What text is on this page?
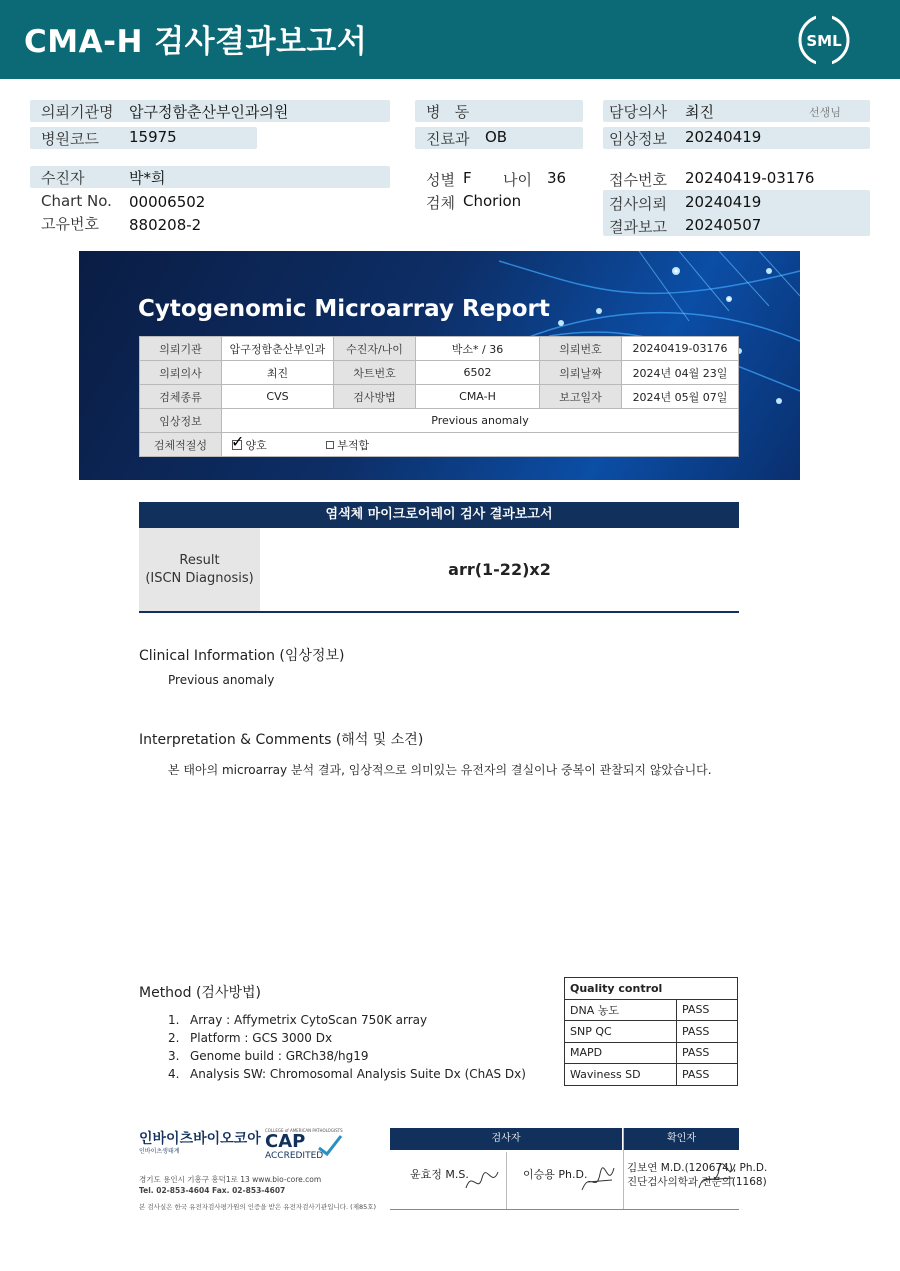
CMA-H 검사결과보고서	SML
의뢰기관명 압구정함춘산부인과의원
병원코드 15975
병   동
진료과 OB
담당의사 최진	선생님
임상정보 20240419
수진자	박*희
Chart No. 00006502
고유번호 880208-2
성별 F 나이 36
검체 Chorion
접수번호 20240419-03176
검사의뢰 20240419
결과보고 20240507
Cytogenomic Microarray Report
의뢰기관	압구정함춘산부인과	수진자/나이	박소* / 36	의뢰번호	20240419-03176
의뢰의사	최진	차트번호	6502	의뢰날짜	2024년 04월 23일
검체종류	CVS	검사방법	CMA-H	보고일자	2024년 05월 07일
임상정보	Previous anomaly				
검체적절성	✓ 양호 부적합				
염색체 마이크로어레이 검사 결과보고서
Result
(ISCN Diagnosis)	arr(1-22)x2
Clinical Information (임상정보)
Previous anomaly
Interpretation & Comments (해석 및 소견)
본 태아의 microarray 분석 결과, 임상적으로 의미있는 유전자의 결실이나 중복이 관찰되지 않았습니다.
Method (검사방법)
1. Array : Affymetrix CytoScan 750K array
2. Platform : GCS 3000 Dx
3. Genome build : GRCh38/hg19
4. Analysis SW: Chromosomal Analysis Suite Dx (ChAS Dx)
Quality control	
DNA 농도	PASS
SNP QC	PASS
MAPD	PASS
Waviness SD	PASS
인바이츠바이오코아
인바이츠생태계
COLLEGE of AMERICAN PATHOLOGISTS
CAP
ACCREDITED
경기도 용인시 기흥구 흥덕1로 13 www.bio-core.com
Tel. 02-853-4604 Fax. 02-853-4607
본 검사실은 한국 유전자검사평가원의 인증을 받은 유전자검사기관입니다. (제85호)
검사자	확인자
윤효정 M.S.	이승용 Ph.D.	김보연 M.D.(120674), Ph.D.
진단검사의학과 전문의(1168)
